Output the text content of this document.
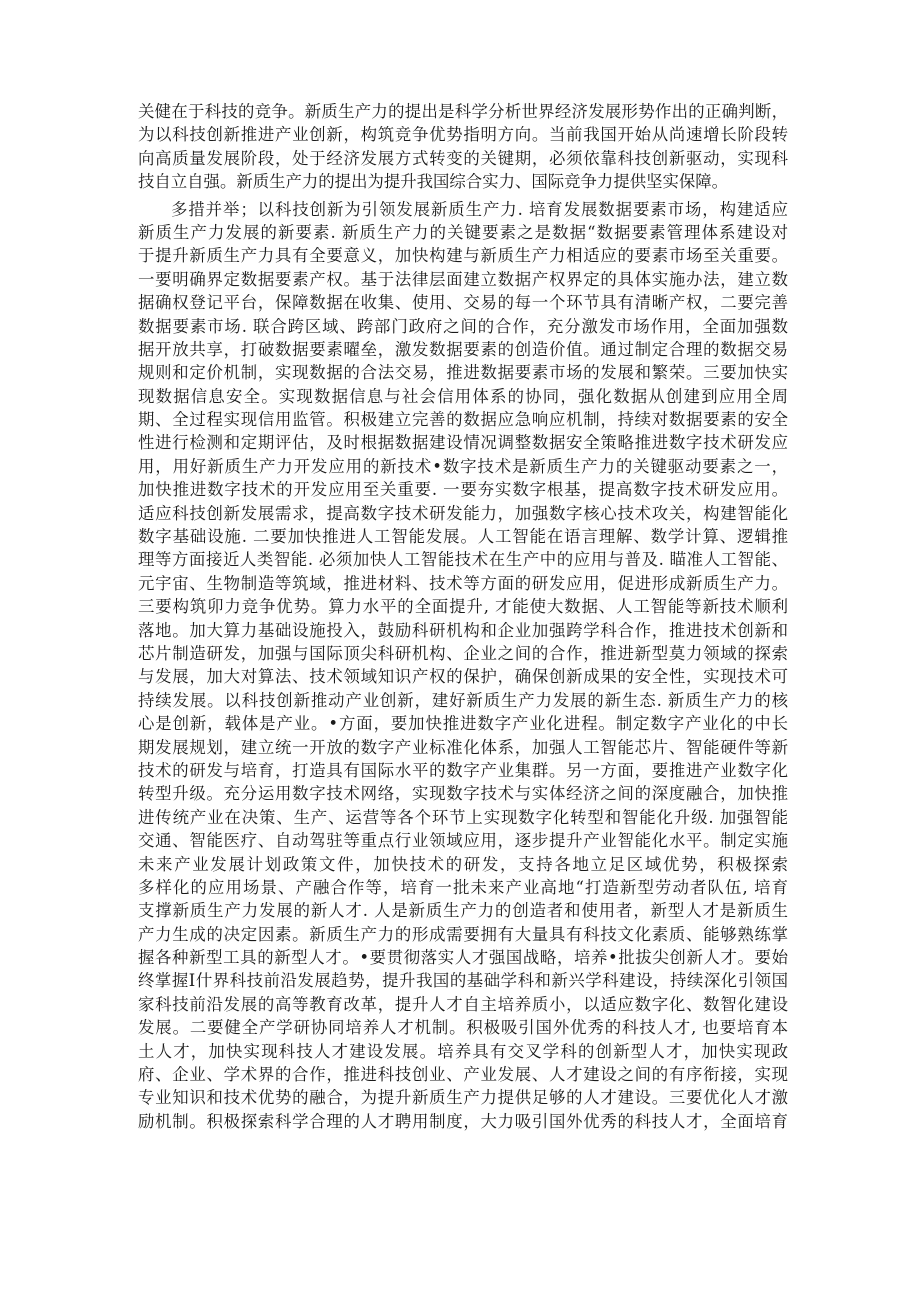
关健在于科技的竞争。新质生产力的提出是科学分析世界经济发展形势作出的正确判断，
为以科技创新推进产业创新，构筑竞争优势指明方向。当前我国开始从尚速增长阶段转
向高质量发展阶段，处于经济发展方式转变的关键期，必须依靠科技创新驱动，实现科
技自立自强。新质生产力的提出为提升我国综合实力、国际竞争力提供坚实保障。

多措并举；以科技创新为引领发展新质生产力. 培育发展数据要素市场，构建适应
新质生产力发展的新要素. 新质生产力的关键要素之是数据“数据要素管理体系建设对
于提升新质生产力具有全要意义，加快构建与新质生产力相适应的要素市场至关重要。
一要明确界定数据要素产权。基于法律层面建立数据产权界定的具体实施办法，建立数
据确权登记平台，保障数据在收集、使用、交易的每一个环节具有清晰产权，二要完善
数据要素市场. 联合跨区域、跨部门政府之间的合作，充分激发市场作用，全面加强数
据开放共享，打破数据要素曜垒，激发数据要素的创造价值。通过制定合理的数据交易
规则和定价机制，实现数据的合法交易，推进数据要素市场的发展和繁荣。三要加快实
现数据信息安全。实现数据信息与社会信用体系的协同，强化数据从创建到应用全周
期、全过程实现信用监管。积极建立完善的数据应急响应机制，持续对数据要素的安全
性进行检测和定期评估，及时根据数据建设情况调整数据安全策略推进数字技术研发应
用，用好新质生产力开发应用的新技术•数字技术是新质生产力的关键驱动要素之一，
加快推进数字技术的开发应用至关重要. 一要夯实数字根基，提高数字技术研发应用。
适应科技创新发展需求，提高数字技术研发能力，加强数字核心技术攻关，构建智能化
数字基础设施. 二要加快推进人工智能发展。人工智能在语言理解、数学计算、逻辑推
理等方面接近人类智能. 必须加快人工智能技术在生产中的应用与普及. 瞄准人工智能、
元宇宙、生物制造等筑域，推进材料、技术等方面的研发应用，促进形成新质生产力。
三要构筑卯力竞争优势。算力水平的全面提升, 才能使大数据、人工智能等新技术顺利
落地。加大算力基础设施投入，鼓励科研机构和企业加强跨学科合作，推进技术创新和
芯片制造研发，加强与国际顶尖科研机构、企业之间的合作，推进新型莫力领域的探索
与发展，加大对算法、技术领域知识产权的保护，确保创新成果的安全性，实现技术可
持续发展。以科技创新推动产业创新，建好新质生产力发展的新生态. 新质生产力的核
心是创新，载体是产业。•方面，要加快推进数字产业化进程。制定数字产业化的中长
期发展规划，建立统一开放的数字产业标准化体系，加强人工智能芯片、智能硬件等新
技术的研发与培育，打造具有国际水平的数字产业集群。另一方面，要推进产业数字化
转型升级。充分运用数字技术网络，实现数字技术与实体经济之间的深度融合，加快推
进传统产业在决策、生产、运营等各个环节上实现数字化转型和智能化升级. 加强智能
交通、智能医疗、自动驾驻等重点行业领域应用，逐步提升产业智能化水平。制定实施
未来产业发展计划政策文件，加快技术的研发，支持各地立足区域优势，积极探索
多样化的应用场景、产融合作等，培育一批未来产业高地“打造新型劳动者队伍, 培育
支撑新质生产力发展的新人才. 人是新质生产力的创造者和使用者，新型人才是新质生
产力生成的决定因素。新质生产力的形成需要拥有大量具有科技文化素质、能够熟练掌
握各种新型工具的新型人才。•要贯彻落实人才强国战略，培养•批拔尖创新人才。要始
终掌握I什界科技前沿发展趋势，提升我国的基础学科和新兴学科建设，持续深化引领国
家科技前沿发展的高等教育改革，提升人才自主培养质小，以适应数字化、数智化建设
发展。二要健全产学研协同培养人才机制。积极吸引国外优秀的科技人才, 也要培育本
土人才，加快实现科技人才建设发展。培养具有交叉学科的创新型人才，加快实现政
府、企业、学术界的合作，推进科技创业、产业发展、人才建设之间的有序衔接，实现
专业知识和技术优势的融合，为提升新质生产力提供足够的人才建设。三要优化人才激
励机制。积极探索科学合理的人才聘用制度，大力吸引国外优秀的科技人才，全面培育
